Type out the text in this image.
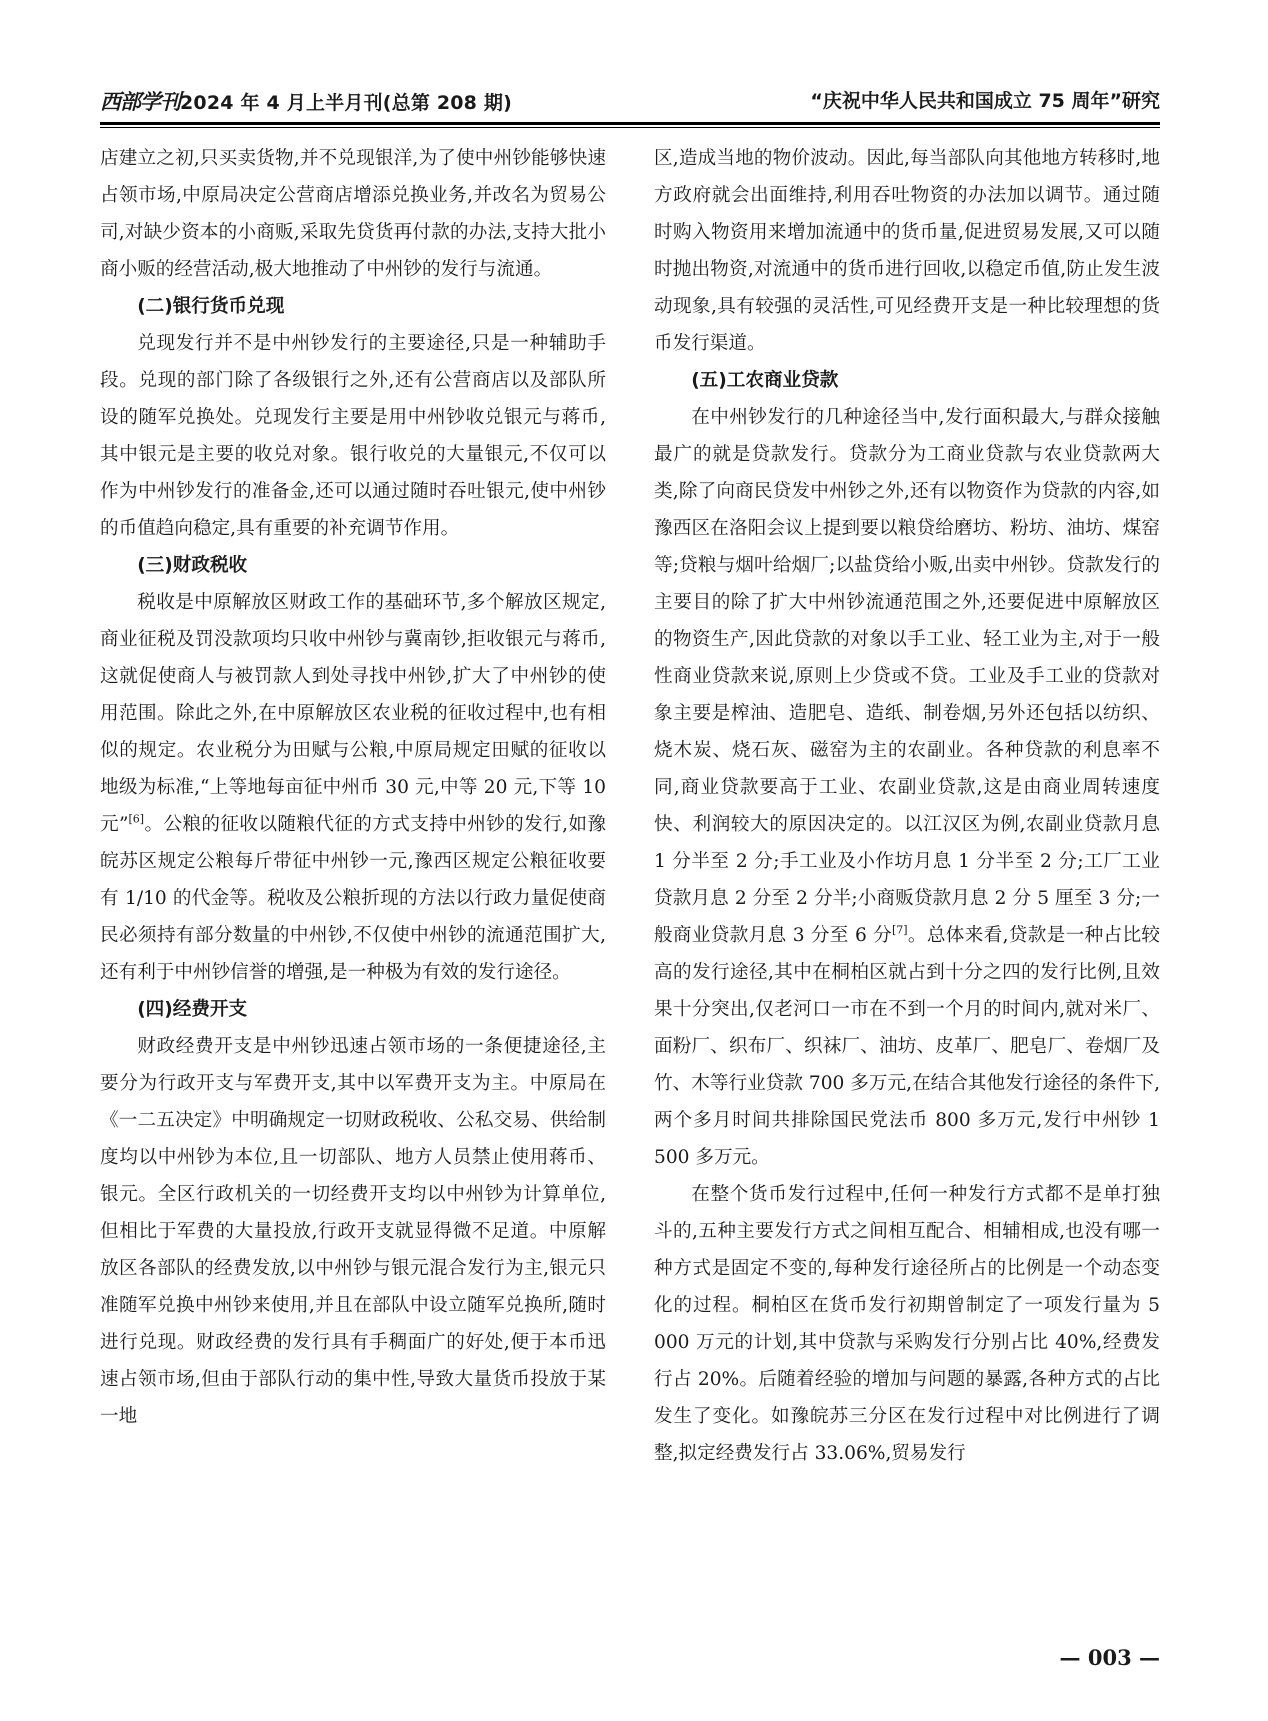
西部学刊2024 年 4 月上半月刊(总第 208 期)	“庆祝中华人民共和国成立 75 周年”研究

店建立之初,只买卖货物,并不兑现银洋,为了使中州钞能够快速占领市场,中原局决定公营商店增添兑换业务,并改名为贸易公司,对缺少资本的小商贩,采取先贷货再付款的办法,支持大批小商小贩的经营活动,极大地推动了中州钞的发行与流通。

(二)银行货币兑现

兑现发行并不是中州钞发行的主要途径,只是一种辅助手段。兑现的部门除了各级银行之外,还有公营商店以及部队所设的随军兑换处。兑现发行主要是用中州钞收兑银元与蒋币,其中银元是主要的收兑对象。银行收兑的大量银元,不仅可以作为中州钞发行的准备金,还可以通过随时吞吐银元,使中州钞的币值趋向稳定,具有重要的补充调节作用。

(三)财政税收

税收是中原解放区财政工作的基础环节,多个解放区规定,商业征税及罚没款项均只收中州钞与冀南钞,拒收银元与蒋币,这就促使商人与被罚款人到处寻找中州钞,扩大了中州钞的使用范围。除此之外,在中原解放区农业税的征收过程中,也有相似的规定。农业税分为田赋与公粮,中原局规定田赋的征收以地级为标准,“上等地每亩征中州币 30 元,中等 20 元,下等 10 元”[6]。公粮的征收以随粮代征的方式支持中州钞的发行,如豫皖苏区规定公粮每斤带征中州钞一元,豫西区规定公粮征收要有 1/10 的代金等。税收及公粮折现的方法以行政力量促使商民必须持有部分数量的中州钞,不仅使中州钞的流通范围扩大,还有利于中州钞信誉的增强,是一种极为有效的发行途径。

(四)经费开支

财政经费开支是中州钞迅速占领市场的一条便捷途径,主要分为行政开支与军费开支,其中以军费开支为主。中原局在《一二五决定》中明确规定一切财政税收、公私交易、供给制度均以中州钞为本位,且一切部队、地方人员禁止使用蒋币、银元。全区行政机关的一切经费开支均以中州钞为计算单位,但相比于军费的大量投放,行政开支就显得微不足道。中原解放区各部队的经费发放,以中州钞与银元混合发行为主,银元只准随军兑换中州钞来使用,并且在部队中设立随军兑换所,随时进行兑现。财政经费的发行具有手稠面广的好处,便于本币迅速占领市场,但由于部队行动的集中性,导致大量货币投放于某一地

区,造成当地的物价波动。因此,每当部队向其他地方转移时,地方政府就会出面维持,利用吞吐物资的办法加以调节。通过随时购入物资用来增加流通中的货币量,促进贸易发展,又可以随时抛出物资,对流通中的货币进行回收,以稳定币值,防止发生波动现象,具有较强的灵活性,可见经费开支是一种比较理想的货币发行渠道。

(五)工农商业贷款

在中州钞发行的几种途径当中,发行面积最大,与群众接触最广的就是贷款发行。贷款分为工商业贷款与农业贷款两大类,除了向商民贷发中州钞之外,还有以物资作为贷款的内容,如豫西区在洛阳会议上提到要以粮贷给磨坊、粉坊、油坊、煤窑等;贷粮与烟叶给烟厂;以盐贷给小贩,出卖中州钞。贷款发行的主要目的除了扩大中州钞流通范围之外,还要促进中原解放区的物资生产,因此贷款的对象以手工业、轻工业为主,对于一般性商业贷款来说,原则上少贷或不贷。工业及手工业的贷款对象主要是榨油、造肥皂、造纸、制卷烟,另外还包括以纺织、烧木炭、烧石灰、磁窑为主的农副业。各种贷款的利息率不同,商业贷款要高于工业、农副业贷款,这是由商业周转速度快、利润较大的原因决定的。以江汉区为例,农副业贷款月息 1 分半至 2 分;手工业及小作坊月息 1 分半至 2 分;工厂工业贷款月息 2 分至 2 分半;小商贩贷款月息 2 分 5 厘至 3 分;一般商业贷款月息 3 分至 6 分[7]。总体来看,贷款是一种占比较高的发行途径,其中在桐柏区就占到十分之四的发行比例,且效果十分突出,仅老河口一市在不到一个月的时间内,就对米厂、面粉厂、织布厂、织袜厂、油坊、皮革厂、肥皂厂、卷烟厂及竹、木等行业贷款 700 多万元,在结合其他发行途径的条件下,两个多月时间共排除国民党法币 800 多万元,发行中州钞 1 500 多万元。

在整个货币发行过程中,任何一种发行方式都不是单打独斗的,五种主要发行方式之间相互配合、相辅相成,也没有哪一种方式是固定不变的,每种发行途径所占的比例是一个动态变化的过程。桐柏区在货币发行初期曾制定了一项发行量为 5 000 万元的计划,其中贷款与采购发行分别占比 40%,经费发行占 20%。后随着经验的增加与问题的暴露,各种方式的占比发生了变化。如豫皖苏三分区在发行过程中对比例进行了调整,拟定经费发行占 33.06%,贸易发行

— 003 —
